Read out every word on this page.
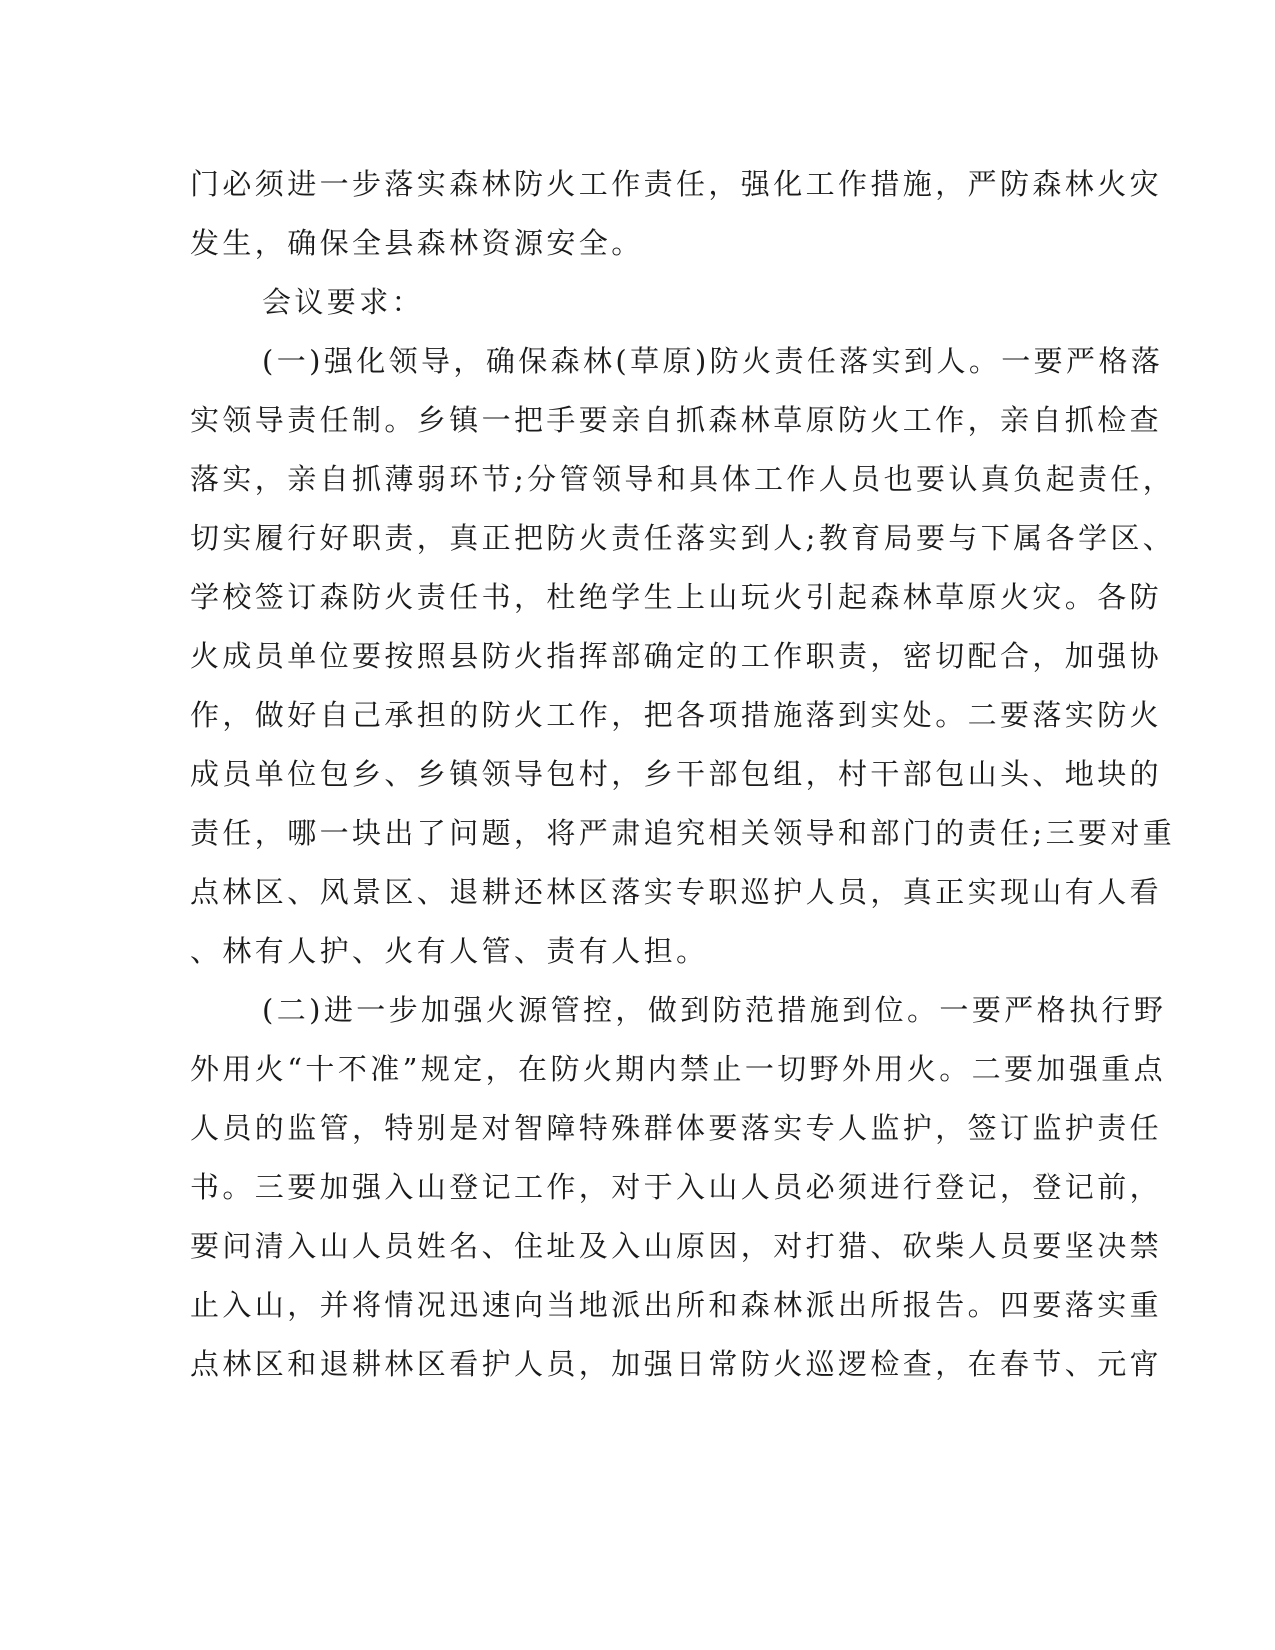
门必须进一步落实森林防火工作责任，强化工作措施，严防森林火灾
发生，确保全县森林资源安全。
会议要求：
(一)强化领导，确保森林(草原)防火责任落实到人。一要严格落
实领导责任制。乡镇一把手要亲自抓森林草原防火工作，亲自抓检查
落实，亲自抓薄弱环节;分管领导和具体工作人员也要认真负起责任，
切实履行好职责，真正把防火责任落实到人;教育局要与下属各学区、
学校签订森防火责任书，杜绝学生上山玩火引起森林草原火灾。各防
火成员单位要按照县防火指挥部确定的工作职责，密切配合，加强协
作，做好自己承担的防火工作，把各项措施落到实处。二要落实防火
成员单位包乡、乡镇领导包村，乡干部包组，村干部包山头、地块的
责任，哪一块出了问题，将严肃追究相关领导和部门的责任;三要对重
点林区、风景区、退耕还林区落实专职巡护人员，真正实现山有人看
、林有人护、火有人管、责有人担。
(二)进一步加强火源管控，做到防范措施到位。一要严格执行野
外用火“十不准”规定，在防火期内禁止一切野外用火。二要加强重点
人员的监管，特别是对智障特殊群体要落实专人监护，签订监护责任
书。三要加强入山登记工作，对于入山人员必须进行登记，登记前，
要问清入山人员姓名、住址及入山原因，对打猎、砍柴人员要坚决禁
止入山，并将情况迅速向当地派出所和森林派出所报告。四要落实重
点林区和退耕林区看护人员，加强日常防火巡逻检查，在春节、元宵
